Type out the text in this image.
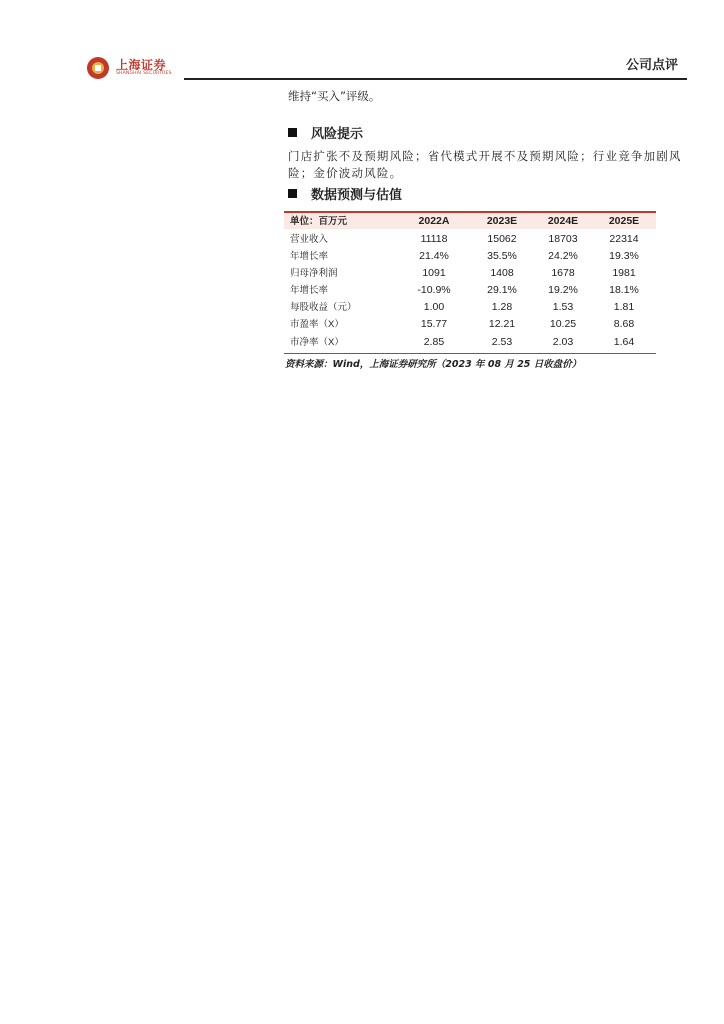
上海证券
SHANGHAI SECURITIES
公司点评
维持“买入”评级。
风险提示
门店扩张不及预期风险；省代模式开展不及预期风险；行业竞争加剧风险；金价波动风险。
数据预测与估值
单位：百万元	2022A	2023E	2024E	2025E
营业收入	11118	15062	18703	22314
年增长率	21.4%	35.5%	24.2%	19.3%
归母净利润	1091	1408	1678	1981
年增长率	-10.9%	29.1%	19.2%	18.1%
每股收益（元）	1.00	1.28	1.53	1.81
市盈率（X）	15.77	12.21	10.25	8.68
市净率（X）	2.85	2.53	2.03	1.64
资料来源：Wind，上海证券研究所（2023 年 08 月 25 日收盘价）
